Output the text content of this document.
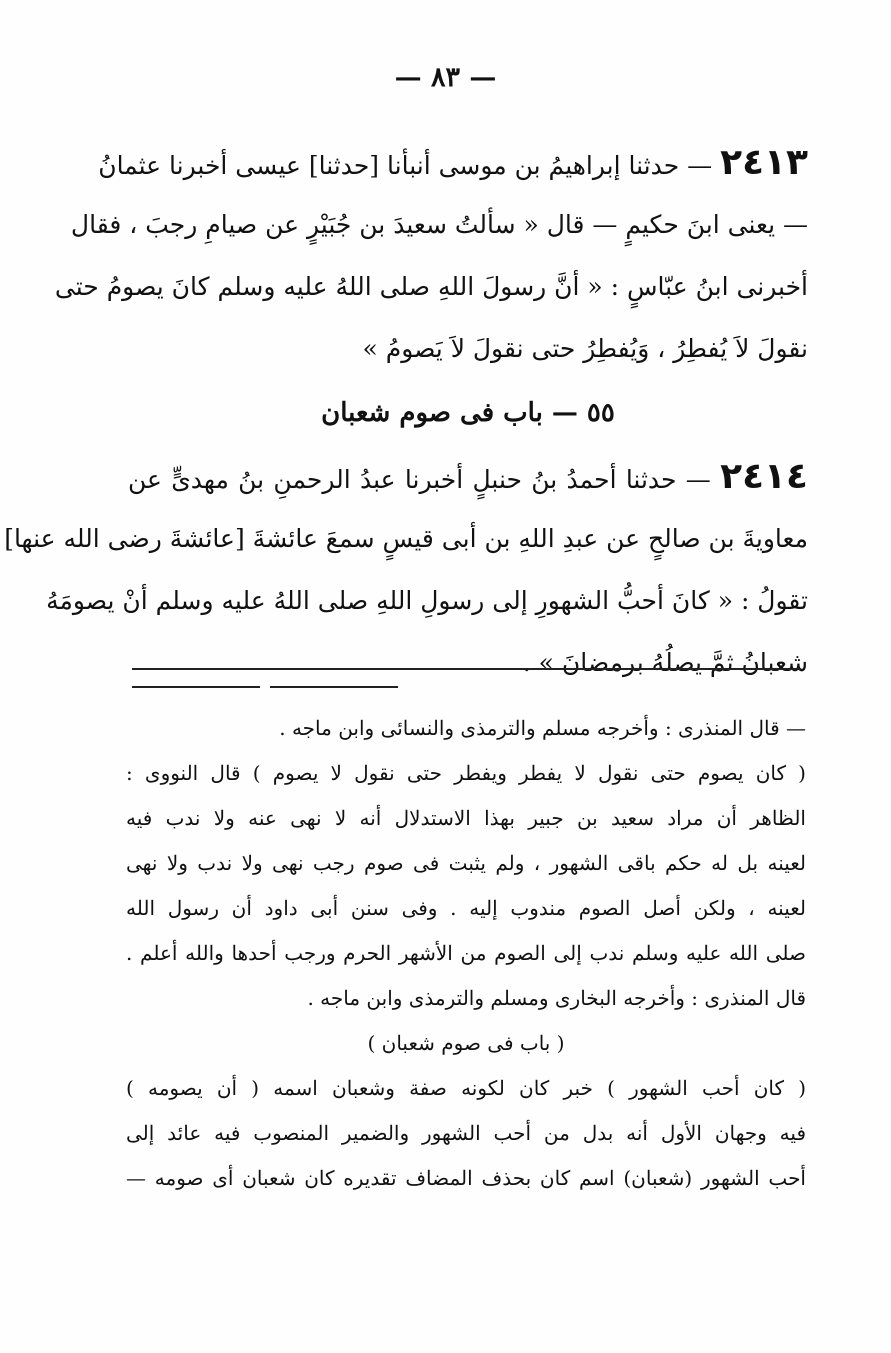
— ٨٣ —
٢٤١٣ — حدثنا إبراهيمُ بن موسى أنبأنا [حدثنا] عيسى أخبرنا عثمانُ
— يعنى ابنَ حكيمٍ — قال « سألتُ سعيدَ بن جُبَيْرٍ عن صيامِ رجبَ ، فقال
أخبرنى ابنُ عبّاسٍ : « أنَّ رسولَ اللهِ صلى اللهُ عليه وسلم كانَ يصومُ حتى
نقولَ لاَ يُفطِرُ ، وَيُفطِرُ حتى نقولَ لاَ يَصومُ »
٥٥ — باب فى صوم شعبان
٢٤١٤ — حدثنا أحمدُ بنُ حنبلٍ أخبرنا عبدُ الرحمنِ بنُ مهدىٍّ عن
معاويةَ بن صالحٍ عن عبدِ اللهِ بن أبى قيسٍ سمعَ عائشةَ [عائشةَ رضى الله عنها]
تقولُ : « كانَ أحبُّ الشهورِ إلى رسولِ اللهِ صلى اللهُ عليه وسلم أنْ يصومَهُ
شعبانُ ثمَّ يصلُهُ برمضانَ » .
— قال المنذرى : وأخرجه مسلم والترمذى والنسائى وابن ماجه .
( كان يصوم حتى نقول لا يفطر ويفطر حتى نقول لا يصوم ) قال النووى :
الظاهر أن مراد سعيد بن جبير بهذا الاستدلال أنه لا نهى عنه ولا ندب فيه
لعينه بل له حكم باقى الشهور ، ولم يثبت فى صوم رجب نهى ولا ندب ولا نهى
لعينه ، ولكن أصل الصوم مندوب إليه . وفى سنن أبى داود أن رسول الله
صلى الله عليه وسلم ندب إلى الصوم من الأشهر الحرم ورجب أحدها والله أعلم .
قال المنذرى : وأخرجه البخارى ومسلم والترمذى وابن ماجه .
( باب فى صوم شعبان )
( كان أحب الشهور ) خبر كان لكونه صفة وشعبان اسمه ( أن يصومه )
فيه وجهان الأول أنه بدل من أحب الشهور والضمير المنصوب فيه عائد إلى
أحب الشهور (شعبان) اسم كان بحذف المضاف تقديره كان شعبان أى صومه —
